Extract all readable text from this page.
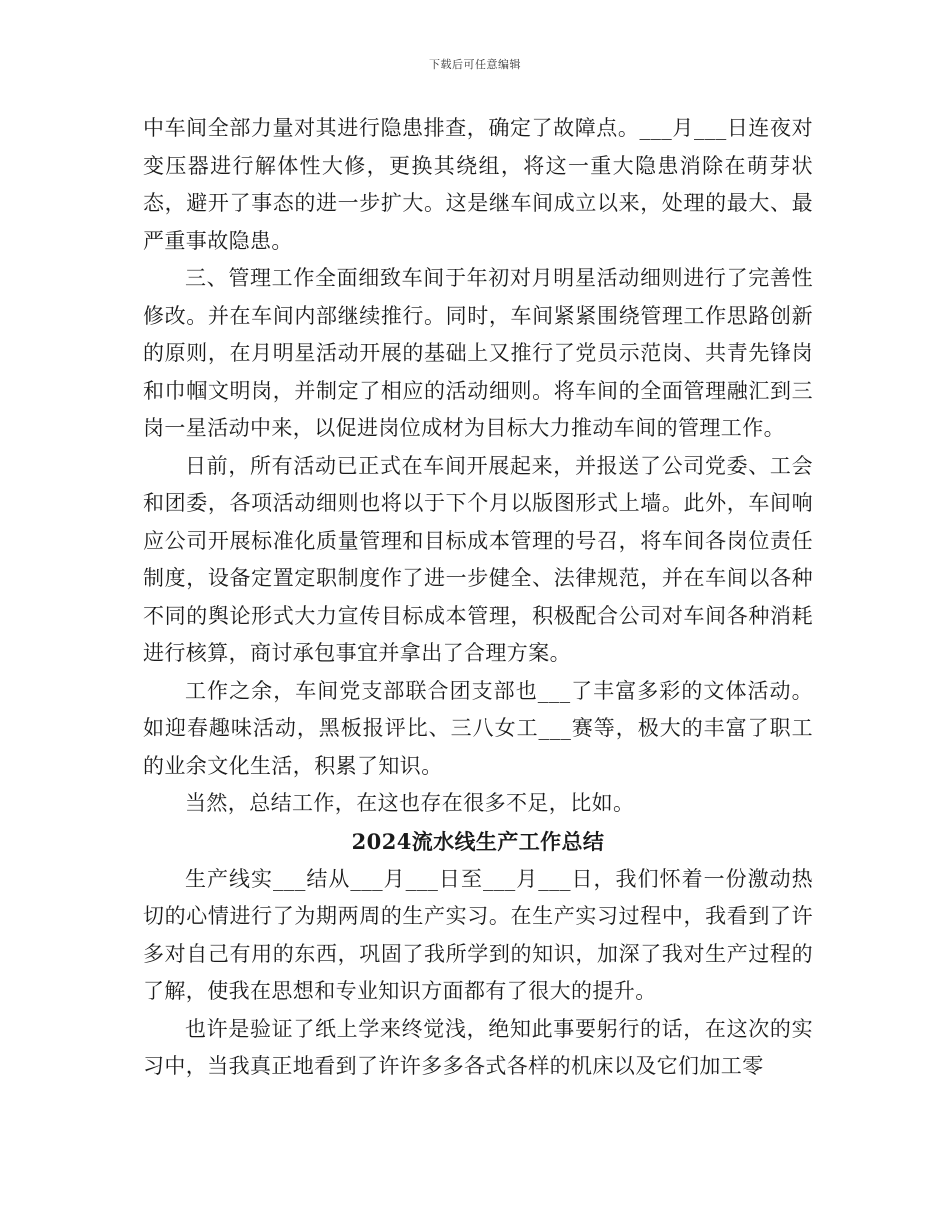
下载后可任意编辑

中车间全部力量对其进行隐患排查，确定了故障点。___月___日连夜对变压器进行解体性大修，更换其绕组，将这一重大隐患消除在萌芽状态，避开了事态的进一步扩大。这是继车间成立以来，处理的最大、最严重事故隐患。

三、管理工作全面细致车间于年初对月明星活动细则进行了完善性修改。并在车间内部继续推行。同时，车间紧紧围绕管理工作思路创新的原则，在月明星活动开展的基础上又推行了党员示范岗、共青先锋岗和巾帼文明岗，并制定了相应的活动细则。将车间的全面管理融汇到三岗一星活动中来，以促进岗位成材为目标大力推动车间的管理工作。

日前，所有活动已正式在车间开展起来，并报送了公司党委、工会和团委，各项活动细则也将以于下个月以版图形式上墙。此外，车间响应公司开展标准化质量管理和目标成本管理的号召，将车间各岗位责任制度，设备定置定职制度作了进一步健全、法律规范，并在车间以各种不同的舆论形式大力宣传目标成本管理，积极配合公司对车间各种消耗进行核算，商讨承包事宜并拿出了合理方案。

工作之余，车间党支部联合团支部也___了丰富多彩的文体活动。如迎春趣味活动，黑板报评比、三八女工___赛等，极大的丰富了职工的业余文化生活，积累了知识。

当然，总结工作，在这也存在很多不足，比如。

2024流水线生产工作总结

生产线实___结从___月___日至___月___日，我们怀着一份激动热切的心情进行了为期两周的生产实习。在生产实习过程中，我看到了许多对自己有用的东西，巩固了我所学到的知识，加深了我对生产过程的了解，使我在思想和专业知识方面都有了很大的提升。

也许是验证了纸上学来终觉浅，绝知此事要躬行的话，在这次的实习中，当我真正地看到了许许多多各式各样的机床以及它们加工零
